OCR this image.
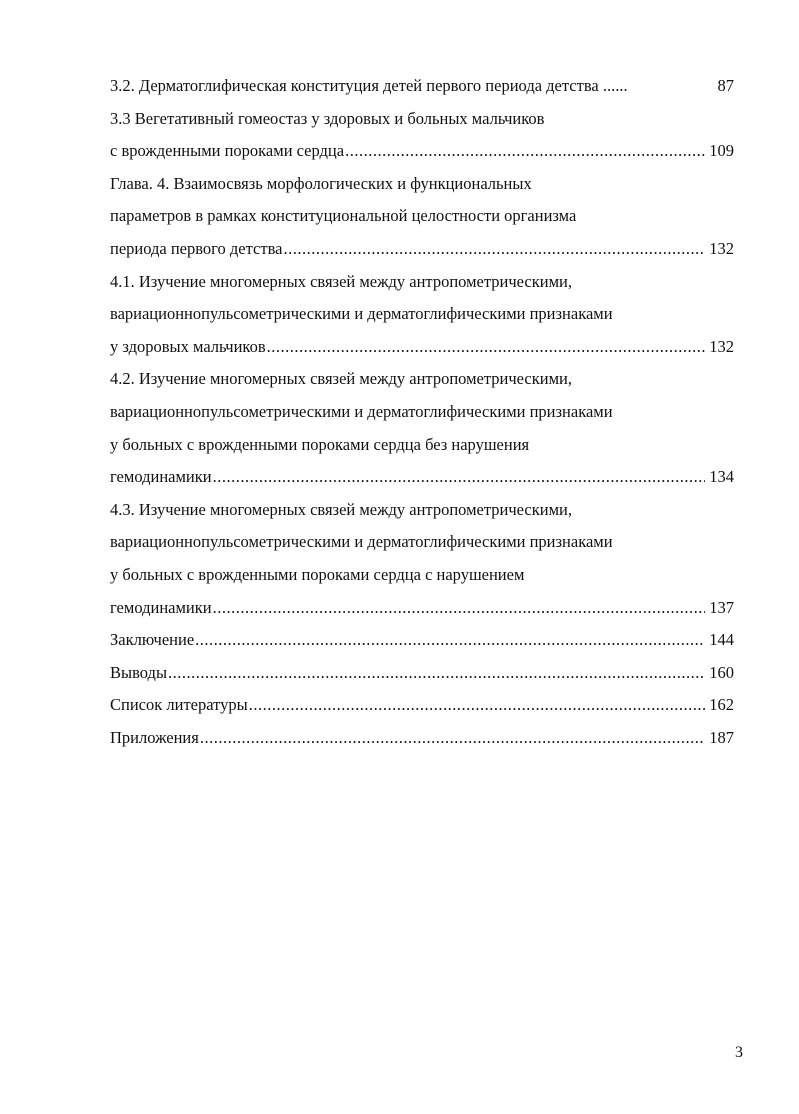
3.2. Дерматоглифическая конституция детей первого периода детства ......	87
3.3 Вегетативный гомеостаз у здоровых и больных мальчиков
с врожденными пороками сердца .....	109
Глава. 4. Взаимосвязь морфологических и функциональных
параметров в рамках конституциональной целостности организма
периода первого детства .....	132
4.1. Изучение многомерных связей между антропометрическими,
вариационнопульсометрическими и дерматоглифическими признаками
у здоровых мальчиков .....	132
4.2. Изучение многомерных связей между антропометрическими,
вариационнопульсометрическими и дерматоглифическими признаками
у больных с врожденными пороками сердца без нарушения
гемодинамики .....	134
4.3. Изучение многомерных связей между антропометрическими,
вариационнопульсометрическими и дерматоглифическими признаками
у больных с врожденными пороками сердца с нарушением
гемодинамики .....	137
Заключение .....	144
Выводы .....	160
Список литературы .....	162
Приложения .....	187
3
